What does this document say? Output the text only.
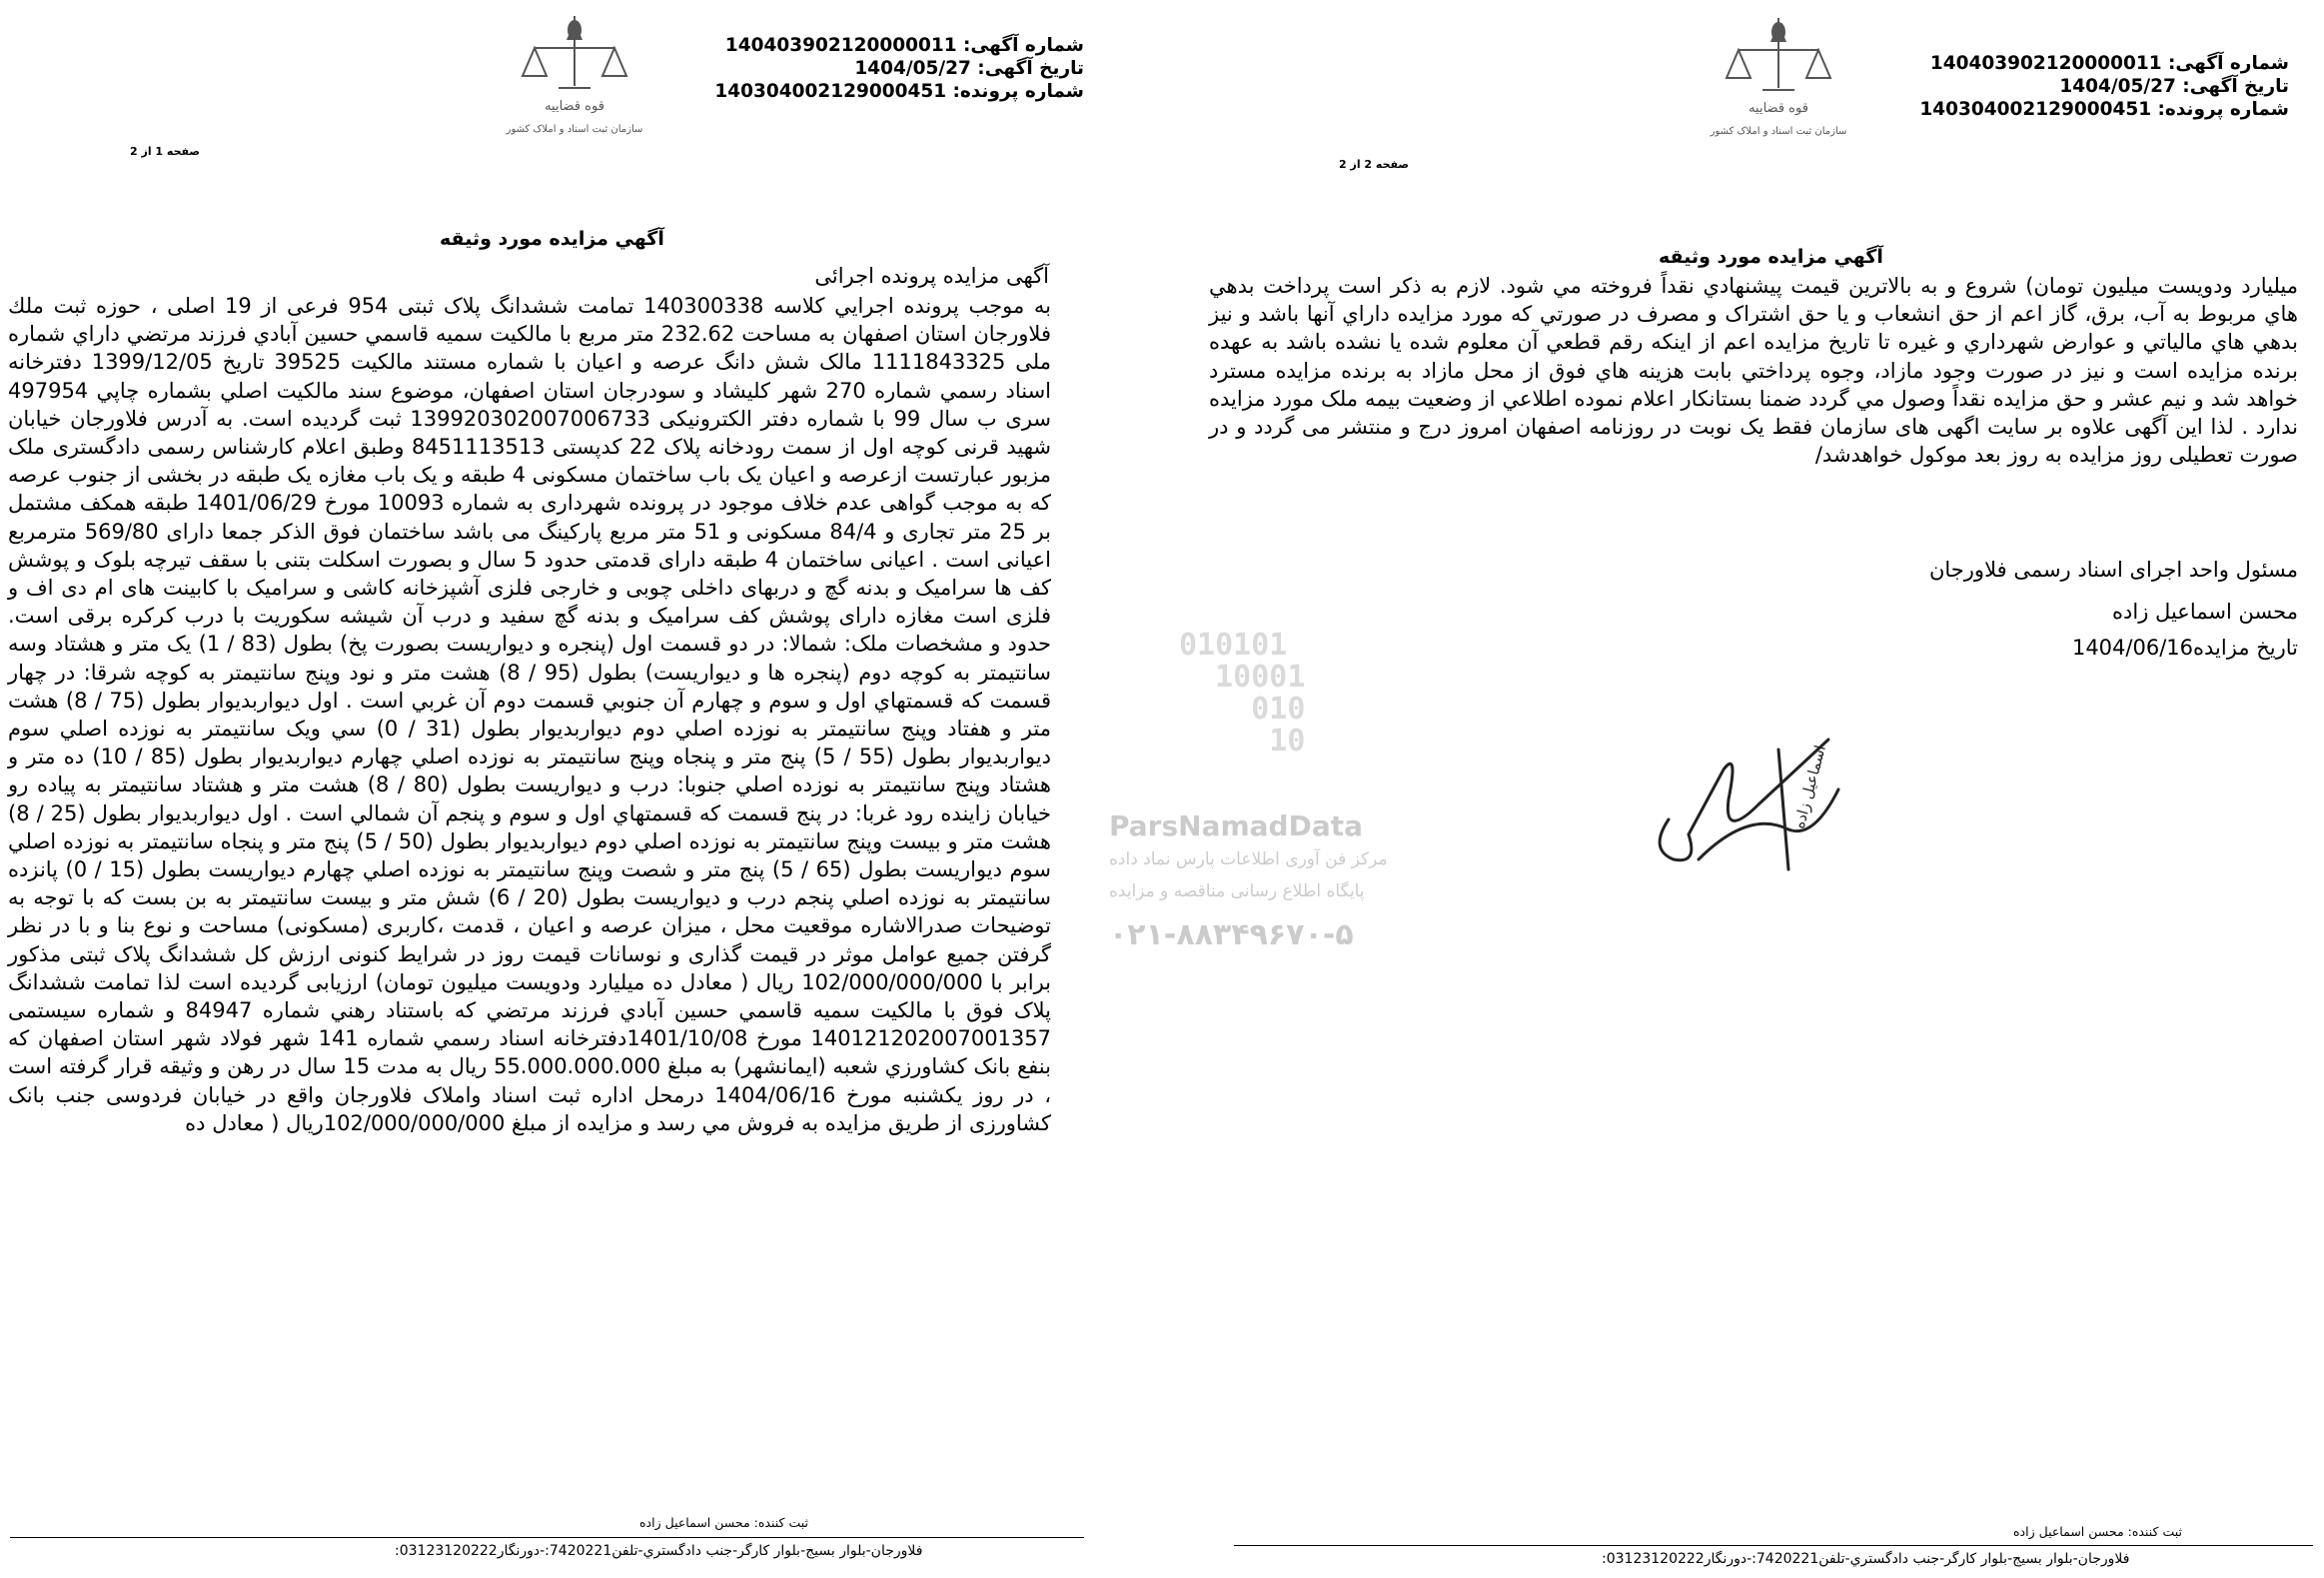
قوه قضاییه
سازمان ثبت اسناد و املاک کشور
شماره آگهی: 140403902120000011
تاریخ آگهی: 1404/05/27
شماره پرونده: 140304002129000451
صفحه 1 از 2
آگهي مزايده مورد وثيقه
آگهی مزایده پرونده اجرائی

به موجب پرونده اجرايي كلاسه 140300338 تمامت ششدانگ پلاک ثبتی 954 فرعی از 19 اصلی ، حوزه ثبت ملك فلاورجان استان اصفهان به مساحت 232.62 متر مربع با مالکیت سمیه قاسمي حسين آبادي فرزند مرتضي داراي شماره ملی 1111843325 مالک شش دانگ عرصه و اعیان با شماره مستند مالکیت 39525 تاریخ 1399/12/05 دفترخانه اسناد رسمي شماره 270 شهر کلیشاد و سودرجان استان اصفهان، موضوع سند مالکیت اصلي بشماره چاپي 497954 سری ب سال 99 با شماره دفتر الکترونیکی 139920302007006733 ثبت گرديده است. به آدرس فلاورجان خیابان شهید قرنی کوچه اول از سمت رودخانه پلاک 22 کدپستی 8451113513 وطبق اعلام کارشناس رسمی دادگستری ملک مزبور عبارتست ازعرصه و اعیان یک باب ساختمان مسکونی 4 طبقه و یک باب مغازه یک طبقه در بخشی از جنوب عرصه که به موجب گواهی عدم خلاف موجود در پرونده شهرداری به شماره 10093 مورخ 1401/06/29 طبقه همکف مشتمل بر 25 متر تجاری و 84/4 مسکونی و 51 متر مربع پارکینگ می باشد ساختمان فوق الذکر جمعا دارای 569/80 مترمربع اعیانی است . اعیانی ساختمان 4 طبقه دارای قدمتی حدود 5 سال و بصورت اسکلت بتنی با سقف تیرچه بلوک و پوشش کف ها سرامیک و بدنه گچ و دربهای داخلی چوبی و خارجی فلزی آشپزخانه کاشی و سرامیک با کابینت های ام دی اف و فلزی است مغازه دارای پوشش کف سرامیک و بدنه گچ سفید و درب آن شیشه سکوریت با درب کرکره برقی است. حدود و مشخصات ملک: شمالا: در دو قسمت اول (پنجره و دیواریست بصورت پخ) بطول (83 / 1) یک متر و هشتاد وسه سانتیمتر به کوچه دوم (پنجره ها و دیواریست) بطول (95 / 8) هشت متر و نود وپنج سانتيمتر به کوچه شرقا: در چهار قسمت که قسمتهاي اول و سوم و چهارم آن جنوبي قسمت دوم آن غربي است . اول دیواربدیوار بطول (75 / 8) هشت متر و هفتاد وپنج سانتيمتر به نوزده اصلي دوم دیواربدیوار بطول (31 / 0) سي ويک سانتيمتر به نوزده اصلي سوم دیواربدیوار بطول (55 / 5) پنج متر و پنجاه وپنج سانتيمتر به نوزده اصلي چهارم دیواربدیوار بطول (85 / 10) ده متر و هشتاد وپنج سانتيمتر به نوزده اصلي جنوبا: درب و دیواریست بطول (80 / 8) هشت متر و هشتاد سانتيمتر به پیاده رو خيابان زاينده رود غربا: در پنج قسمت که قسمتهاي اول و سوم و پنجم آن شمالي است . اول دیواربدیوار بطول (25 / 8) هشت متر و بيست وپنج سانتيمتر به نوزده اصلي دوم دیواربدیوار بطول (50 / 5) پنج متر و پنجاه سانتيمتر به نوزده اصلي سوم دیواریست بطول (65 / 5) پنج متر و شصت وپنج سانتيمتر به نوزده اصلي چهارم دیواریست بطول (15 / 0) پانزده سانتيمتر به نوزده اصلي پنجم درب و دیواریست بطول (20 / 6) شش متر و بيست سانتيمتر به بن بست که با توجه به توضیحات صدرالاشاره موقعیت محل ، میزان عرصه و اعیان ، قدمت ،کاربری (مسکونی) مساحت و نوع بنا و با در نظر گرفتن جمیع عوامل موثر در قیمت گذاری و نوسانات قیمت روز در شرایط کنونی ارزش کل ششدانگ پلاک ثبتی مذکور برابر با 102/000/000/000 ریال ( معادل ده میلیارد ودویست میلیون تومان) ارزیابی گرديده است لذا تمامت ششدانگ پلاک فوق با مالکیت سمیه قاسمي حسين آبادي فرزند مرتضي که باستناد رهني شماره 84947 و شماره سیستمی 140121202007001357 مورخ 1401/10/08دفترخانه اسناد رسمي شماره 141 شهر فولاد شهر استان اصفهان که بنفع بانک کشاورزي شعبه (ايمانشهر) به مبلغ 55.000.000.000 ریال به مدت 15 سال در رهن و وثيقه قرار گرفته است ، در روز يکشنبه مورخ 1404/06/16 درمحل اداره ثبت اسناد واملاک فلاورجان واقع در خیابان فردوسی جنب بانک کشاورزی از طريق مزايده به فروش مي رسد و مزايده از مبلغ 102/000/000/000ریال ( معادل ده

ثبت کننده: محسن اسماعیل زاده
فلاورجان-بلوار بسیج-بلوار کارگر-جنب دادگستري-تلفن7420221:-دورنگار03123120222:
010101
10001
010
10
ParsNamadData
مرکز فن آوری اطلاعات پارس نماد داده
پایگاه اطلاع رسانی مناقصه و مزایده
۰۲۱-۸۸۳۴۹۶۷۰-۵
قوه قضاییه
سازمان ثبت اسناد و املاک کشور
شماره آگهی: 140403902120000011
تاریخ آگهی: 1404/05/27
شماره پرونده: 140304002129000451
صفحه 2 از 2
آگهي مزايده مورد وثيقه

میلیارد ودویست میلیون تومان) شروع و به بالاترين قيمت پيشنهادي نقداً فروخته مي شود. لازم به ذکر است پرداخت بدهي هاي مربوط به آب، برق، گاز اعم از حق انشعاب و يا حق اشتراک و مصرف در صورتي که مورد مزايده داراي آنها باشد و نيز بدهي هاي مالياتي و عوارض شهرداري و غيره تا تاريخ مزايده اعم از اينکه رقم قطعي آن معلوم شده يا نشده باشد به عهده برنده مزايده است و نيز در صورت وجود مازاد، وجوه پرداختي بابت هزينه هاي فوق از محل مازاد به برنده مزايده مسترد خواهد شد و نیم عشر و حق مزایده نقداً وصول مي گردد ضمنا بستانکار اعلام نموده اطلاعي از وضعيت بيمه ملک مورد مزايده ندارد . لذا این آگهی علاوه بر سایت اگهی های سازمان فقط یک نوبت در روزنامه اصفهان امروز درج و منتشر می گردد و در صورت تعطیلی روز مزایده به روز بعد موکول خواهدشد/

مسئول واحد اجرای اسناد رسمی فلاورجان
محسن اسماعیل زاده
تاریخ مزایده1404/06/16
اسماعیل زاده
ثبت کننده: محسن اسماعیل زاده
فلاورجان-بلوار بسیج-بلوار کارگر-جنب دادگستري-تلفن7420221:-دورنگار03123120222:
